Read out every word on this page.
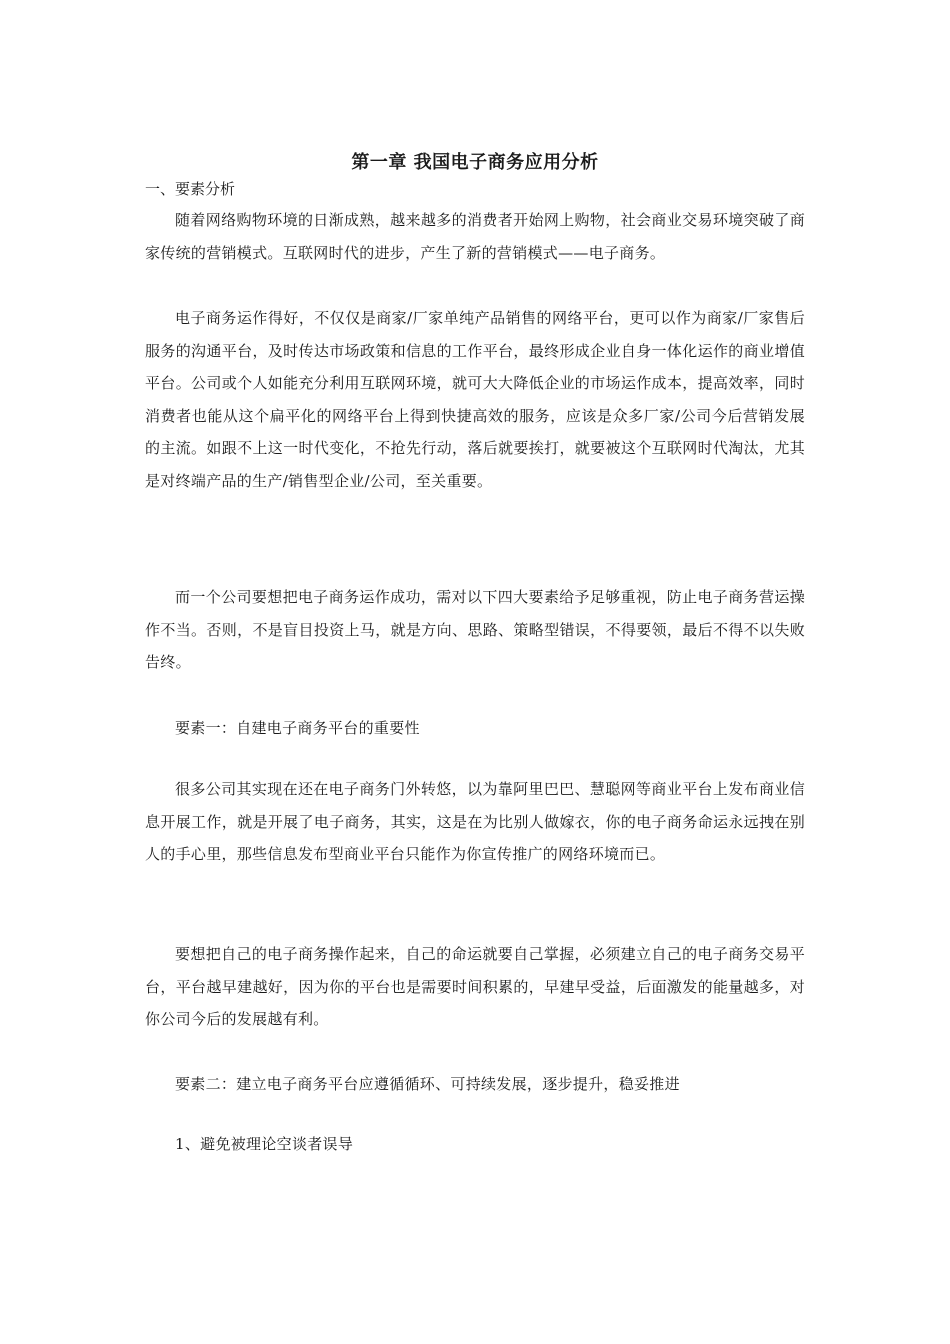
第一章 我国电子商务应用分析
一、要素分析

随着网络购物环境的日渐成熟，越来越多的消费者开始网上购物，社会商业交易环境突破了商家传统的营销模式。互联网时代的进步，产生了新的营销模式——电子商务。

电子商务运作得好，不仅仅是商家/厂家单纯产品销售的网络平台，更可以作为商家/厂家售后服务的沟通平台，及时传达市场政策和信息的工作平台，最终形成企业自身一体化运作的商业增值平台。公司或个人如能充分利用互联网环境，就可大大降低企业的市场运作成本，提高效率，同时消费者也能从这个扁平化的网络平台上得到快捷高效的服务，应该是众多厂家/公司今后营销发展的主流。如跟不上这一时代变化，不抢先行动，落后就要挨打，就要被这个互联网时代淘汰，尤其是对终端产品的生产/销售型企业/公司，至关重要。

而一个公司要想把电子商务运作成功，需对以下四大要素给予足够重视，防止电子商务营运操作不当。否则，不是盲目投资上马，就是方向、思路、策略型错误，不得要领，最后不得不以失败告终。

要素一：自建电子商务平台的重要性

很多公司其实现在还在电子商务门外转悠，以为靠阿里巴巴、慧聪网等商业平台上发布商业信息开展工作，就是开展了电子商务，其实，这是在为比别人做嫁衣，你的电子商务命运永远拽在别人的手心里，那些信息发布型商业平台只能作为你宣传推广的网络环境而已。

要想把自己的电子商务操作起来，自己的命运就要自己掌握，必须建立自己的电子商务交易平台，平台越早建越好，因为你的平台也是需要时间积累的，早建早受益，后面激发的能量越多，对你公司今后的发展越有利。

要素二：建立电子商务平台应遵循循环、可持续发展，逐步提升，稳妥推进

1、避免被理论空谈者误导
